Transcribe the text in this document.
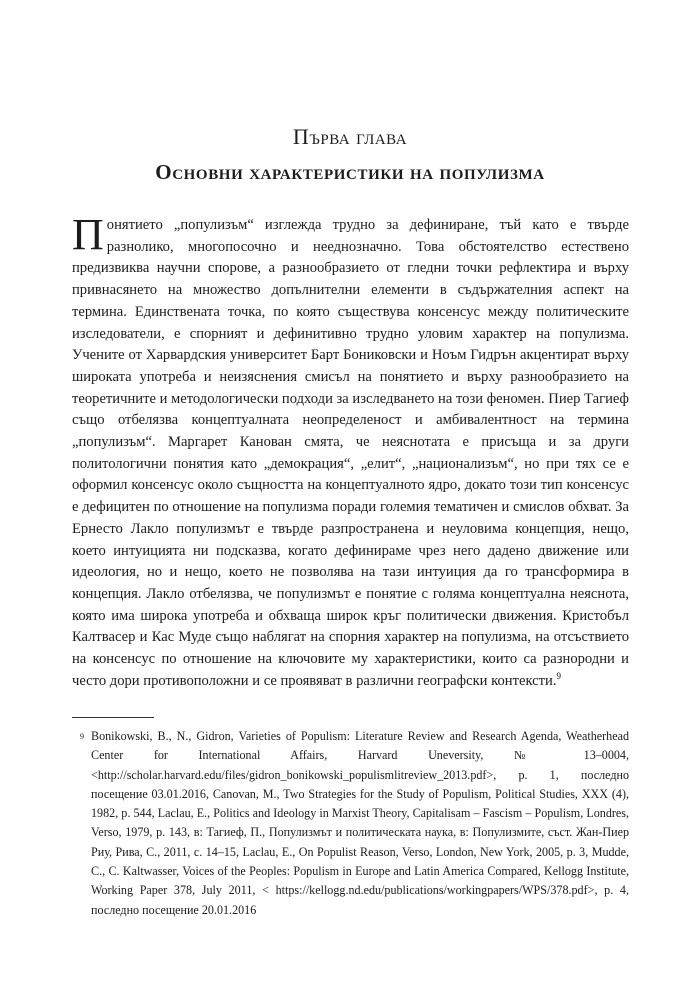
Първа глава
Основни характеристики на популизма
Понятието „популизъм“ изглежда трудно за дефиниране, тъй като е твърде разнолико, многопосочно и нееднозначно. Това обстоятелство естествено предизвиква научни спорове, а разнообразието от гледни точки рефлектира и върху привнасянето на множество допълнителни елементи в съдържателния аспект на термина. Единствената точка, по която съществува консенсус между политическите изследователи, е спорният и дефинитивно трудно уловим характер на популизма. Учените от Харвардския университет Барт Бониковски и Ноъм Гидрън акцентират върху широката употреба и неизяснения смисъл на понятието и върху разнообразието на теоретичните и методологически подходи за изследването на този феномен. Пиер Тагиеф също отбелязва концептуалната неопределеност и амбивалентност на термина „популизъм“. Маргарет Канован смята, че неяснотата е присъща и за други политологични понятия като „демокрация“, „елит“, „национализъм“, но при тях се е оформил консенсус около същността на концептуалното ядро, докато този тип консенсус е дефицитен по отношение на популизма поради големия тематичен и смислов обхват. За Ернесто Лакло популизмът е твърде разпространена и неуловима концепция, нещо, което интуицията ни подсказва, когато дефинираме чрез него дадено движение или идеология, но и нещо, което не позволява на тази интуиция да го трансформира в концепция. Лакло отбелязва, че популизмът е понятие с голяма концептуална неяснота, която има широка употреба и обхваща широк кръг политически движения. Кристобъл Калтвасер и Кас Муде също наблягат на спорния характер на популизма, на отсъствието на консенсус по отношение на ключовите му характеристики, които са разнородни и често дори противоположни и се проявяват в различни географски контексти.$^9$
9 Bonikowski, B., N., Gidron, Varieties of Populism: Literature Review and Research Agenda, Weatherhead Center for International Affairs, Harvard Uneversity, № 13–0004, <http://scholar.harvard.edu/files/gidron_bonikowski_populismlitreview_2013.pdf>, p. 1, последно посещение 03.01.2016, Canovan, M., Two Strategies for the Study of Populism, Political Studies, XXX (4), 1982, p. 544, Laclau, E., Politics and Ideology in Marxist Theory, Capitalisam – Fascism – Populism, Londres, Verso, 1979, p. 143, в: Тагиеф, П., Популизмът и политическата наука, в: Популизмите, съст. Жан-Пиер Риу, Рива, С., 2011, с. 14–15, Laclau, E., On Populist Reason, Verso, London, New York, 2005, p. 3, Mudde, C., C. Kaltwasser, Voices of the Peoples: Populism in Europe and Latin America Compared, Kellogg Institute, Working Paper 378, July 2011, < https://kellogg.nd.edu/publications/workingpapers/WPS/378.pdf>, p. 4, последно посещение 20.01.2016
